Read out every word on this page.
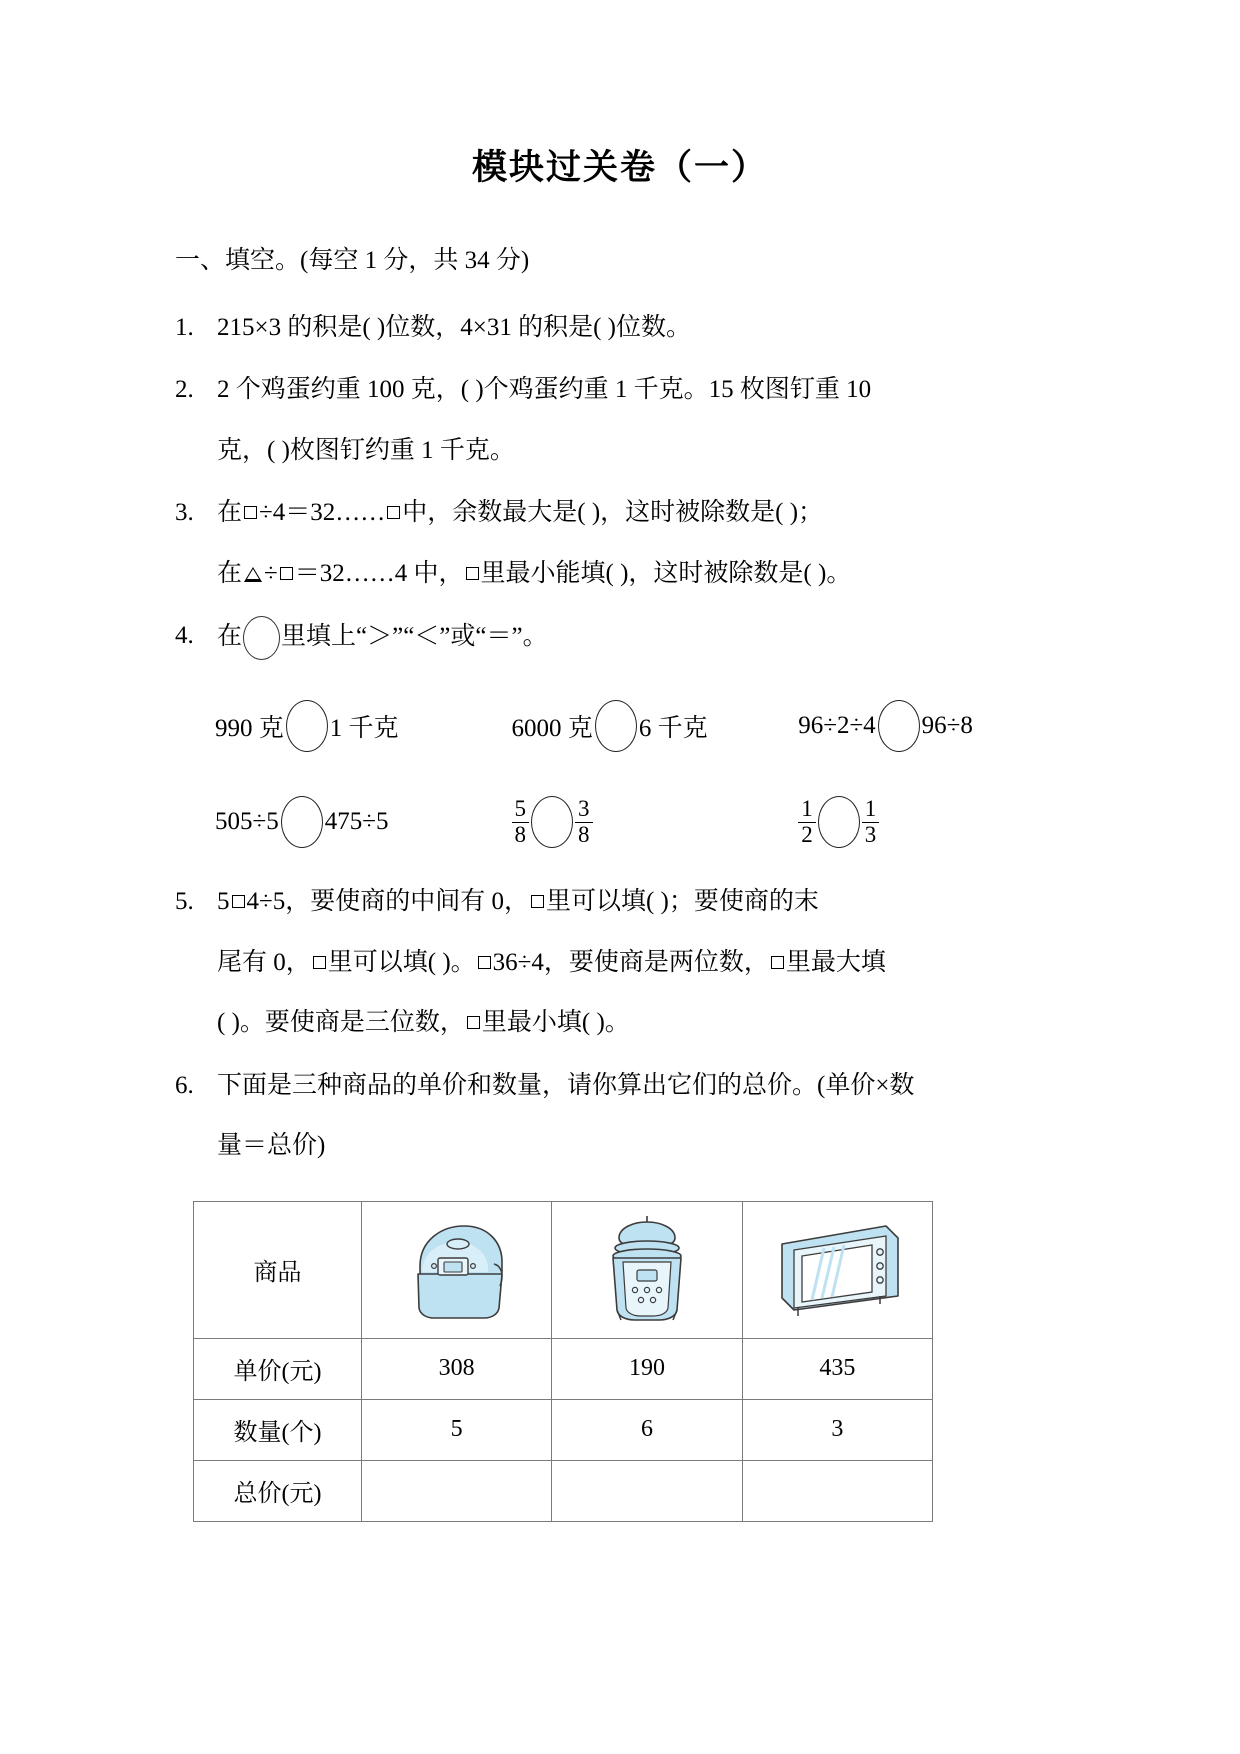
模块过关卷（一）
一、填空。(每空 1 分，共 34 分)
1. 215×3 的积是( )位数，4×31 的积是( )位数。
2. 2 个鸡蛋约重 100 克，( )个鸡蛋约重 1 千克。15 枚图钉重 10
克，( )枚图钉约重 1 千克。
3. 在 ÷4＝32…… 中，余数最大是( )，这时被除数是( )；
在 ÷ ＝32……4 中， 里最小能填( )，这时被除数是( )。
4. 在 里填上“＞”“＜”或“＝”。
990 克 1 千克	6000 克 6 千克	96÷2÷4 96÷8
505÷5 475÷5	$\frac{5}{8} \frac{3}{8}$	$\frac{1}{2} \frac{1}{3}$
5. 5 4÷5，要使商的中间有 0， 里可以填( )；要使商的末
尾有 0， 里可以填( )。 36÷4，要使商是两位数， 里最大填
( )。要使商是三位数， 里最小填( )。
6. 下面是三种商品的单价和数量，请你算出它们的总价。(单价×数
量＝总价)
商品	

单价(元)	308	190	435
数量(个)	5	6	3
总价(元)			
